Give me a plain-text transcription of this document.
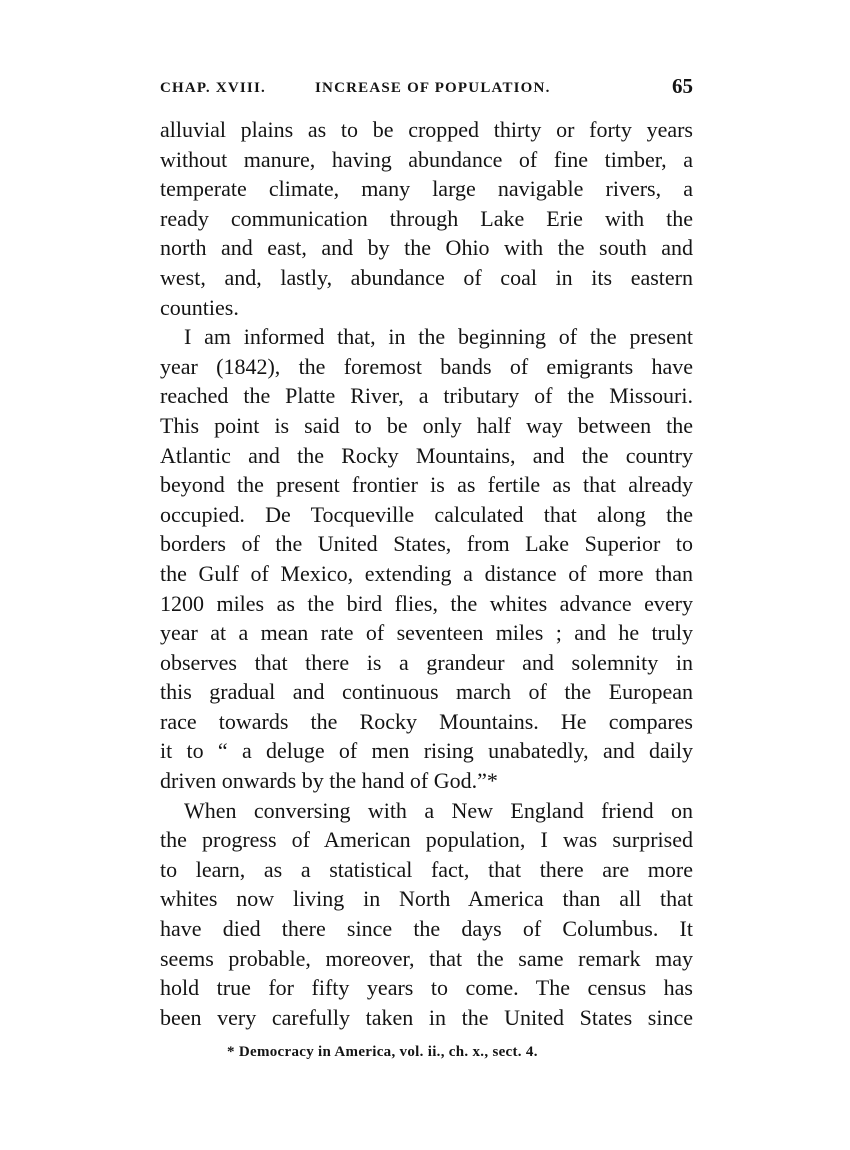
CHAP. XVIII.	INCREASE OF POPULATION.	65
alluvial plains as to be cropped thirty or forty years
without manure, having abundance of fine timber, a
temperate climate, many large navigable rivers, a
ready communication through Lake Erie with the
north and east, and by the Ohio with the south and
west, and, lastly, abundance of coal in its eastern
counties.
I am informed that, in the beginning of the present
year (1842), the foremost bands of emigrants have
reached the Platte River, a tributary of the Missouri.
This point is said to be only half way between the
Atlantic and the Rocky Mountains, and the country
beyond the present frontier is as fertile as that already
occupied. De Tocqueville calculated that along the
borders of the United States, from Lake Superior to
the Gulf of Mexico, extending a distance of more than
1200 miles as the bird flies, the whites advance every
year at a mean rate of seventeen miles ; and he truly
observes that there is a grandeur and solemnity in
this gradual and continuous march of the European
race towards the Rocky Mountains. He compares
it to “ a deluge of men rising unabatedly, and daily
driven onwards by the hand of God.”*
When conversing with a New England friend on
the progress of American population, I was surprised
to learn, as a statistical fact, that there are more
whites now living in North America than all that
have died there since the days of Columbus. It
seems probable, moreover, that the same remark may
hold true for fifty years to come. The census has
been very carefully taken in the United States since
* Democracy in America, vol. ii., ch. x., sect. 4.
